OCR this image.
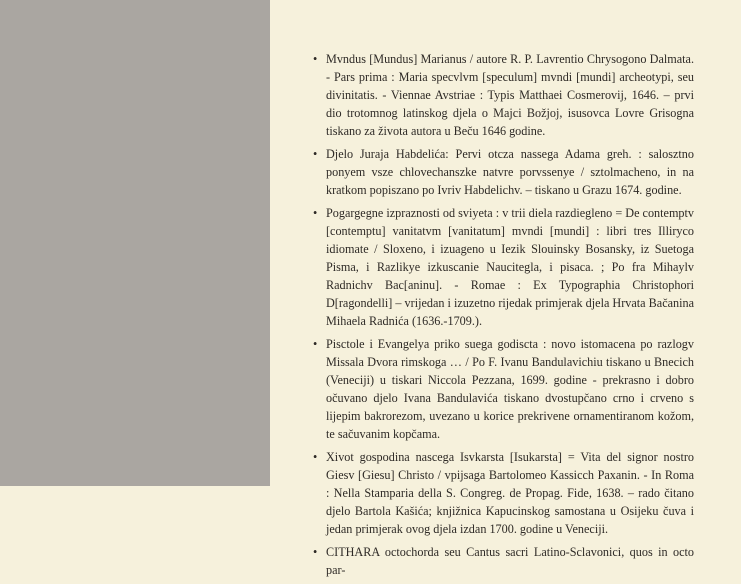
• Mvndus [Mundus] Marianus / autore R. P. Lavrentio Chrysogono Dalmata. - Pars prima : Maria specvlvm [speculum] mvndi [mundi] archeotypi, seu divinitatis. - Viennae Avstriae : Typis Matthaei Cosmerovij, 1646. – prvi dio trotomnog latinskog djela o Majci Božjoj, isusovca Lovre Grisogna tiskano za života autora u Beču 1646 godine.
• Djelo Juraja Habdelića: Pervi otcza nassega Adama greh. : salosztno ponyem vsze chlovechanszke natvre porvssenye / sztolmacheno, in na kratkom popiszano po Ivriv Habdelichv. – tiskano u Grazu 1674. godine.
• Pogargegne izpraznosti od sviyeta : v trii diela razdiegleno = De contemptv [contemptu] vanitatvm [vanitatum] mvndi [mundi] : libri tres Illiryco idiomate / Sloxeno, i izuageno u Iezik Slouinsky Bosansky, iz Suetoga Pisma, i Razlikye izkuscanie Naucitegla, i pisaca. ; Po fra Mihaylv Radnichv Bac[aninu]. - Romae : Ex Typographia Christophori D[ragondelli] – vrijedan i izuzetno rijedak primjerak djela Hrvata Bačanina Mihaela Radnića (1636.-1709.).
• Pisctole i Evangelya priko suega godiscta : novo istomacena po razlogv Missala Dvora rimskoga … / Po F. Ivanu Bandulavichiu tiskano u Bnecich (Veneciji) u tiskari Niccola Pezzana, 1699. godine - prekrasno i dobro očuvano djelo Ivana Bandulavića tiskano dvostupčano crno i crveno s lijepim bakrorezom, uvezano u korice prekrivene ornamentiranom kožom, te sačuvanim kopčama.
• Xivot gospodina nascega Isvkarsta [Isukarsta] = Vita del signor nostro Giesv [Giesu] Christo / vpijsaga Bartolomeo Kassicch Paxanin. - In Roma : Nella Stamparia della S. Congreg. de Propag. Fide, 1638. – rado čitano djelo Bartola Kašića; knjižnica Kapucinskog samostana u Osijeku čuva i jedan primjerak ovog djela izdan 1700. godine u Veneciji.
• CITHARA octochorda seu Cantus sacri Latino-Sclavonici, quos in octo par-
